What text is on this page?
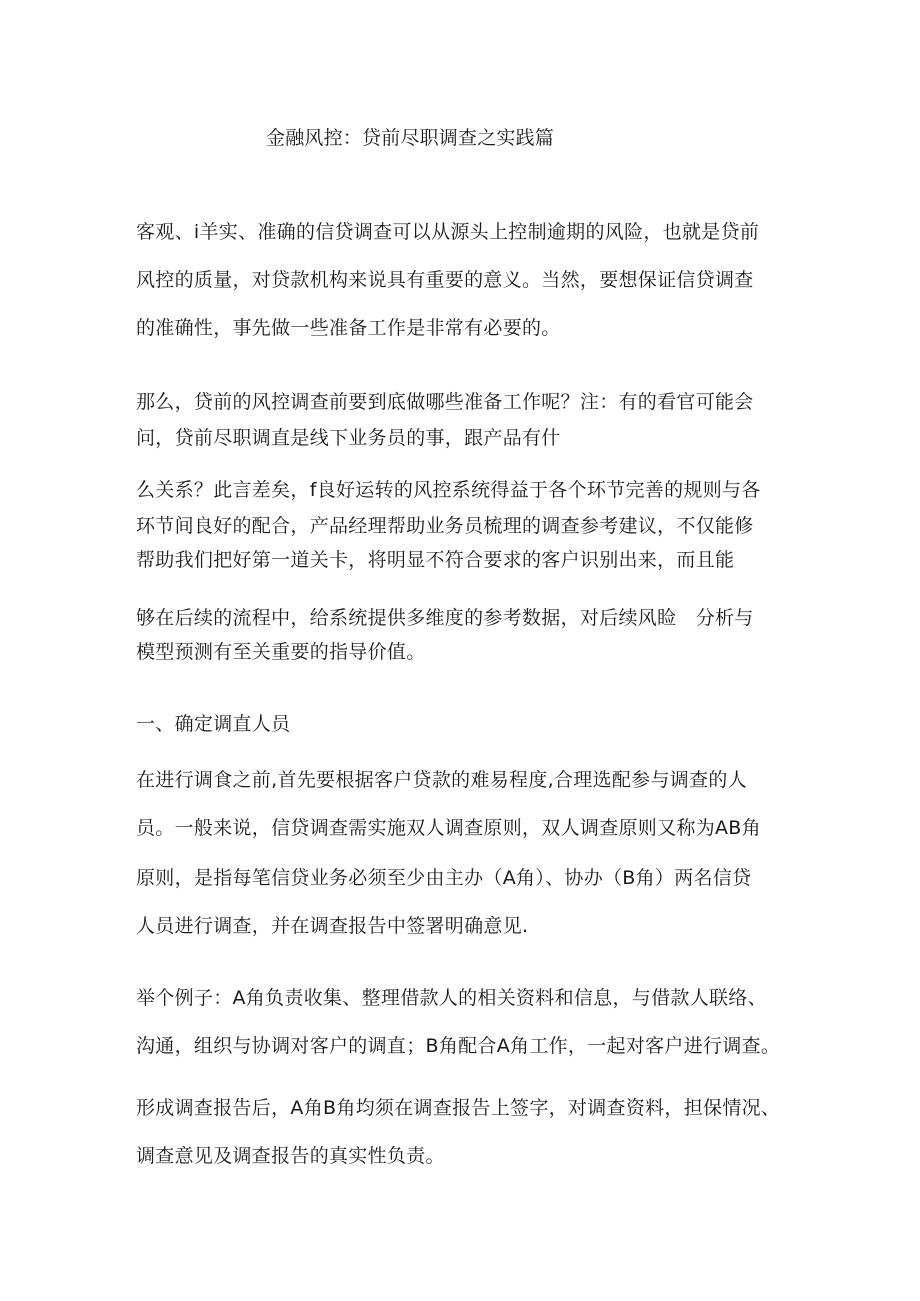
金融风控：贷前尽职调查之实践篇
客观、i羊实、准确的信贷调查可以从源头上控制逾期的风险，也就是贷前
风控的质量，对贷款机构来说具有重要的意义。当然，要想保证信贷调查
的准确性，事先做一些准备工作是非常有必要的。
那么，贷前的风控调查前要到底做哪些准备工作呢？注：有的看官可能会
问，贷前尽职调直是线下业务员的事，跟产品有什
么关系？此言差矣，f良好运转的风控系统得益于各个环节完善的规则与各
环节间良好的配合，产品经理帮助业务员梳理的调查参考建议，不仅能修
帮助我们把好第一道关卡，将明显不符合要求的客户识别出来，而且能
够在后续的流程中，给系统提供多维度的参考数据，对后续风睑　分析与
模型预测有至关重要的指导价值。
一、确定调直人员
在进行调食之前,首先要根据客户贷款的难易程度,合理选配参与调查的人
员。一般来说，信贷调查需实施双人调查原则，双人调查原则又称为AB角
原则，是指每笔信贷业务必须至少由主办（A角）、协办（B角）两名信贷
人员进行调查，并在调查报告中签署明确意见.
举个例子：A角负责收集、整理借款人的相关资料和信息，与借款人联络、
沟通，组织与协调对客户的调直；B角配合A角工作，一起对客户进行调查。
形成调查报告后，A角B角均须在调查报告上签字，对调查资料，担保情况、
调查意见及调查报告的真实性负责。
